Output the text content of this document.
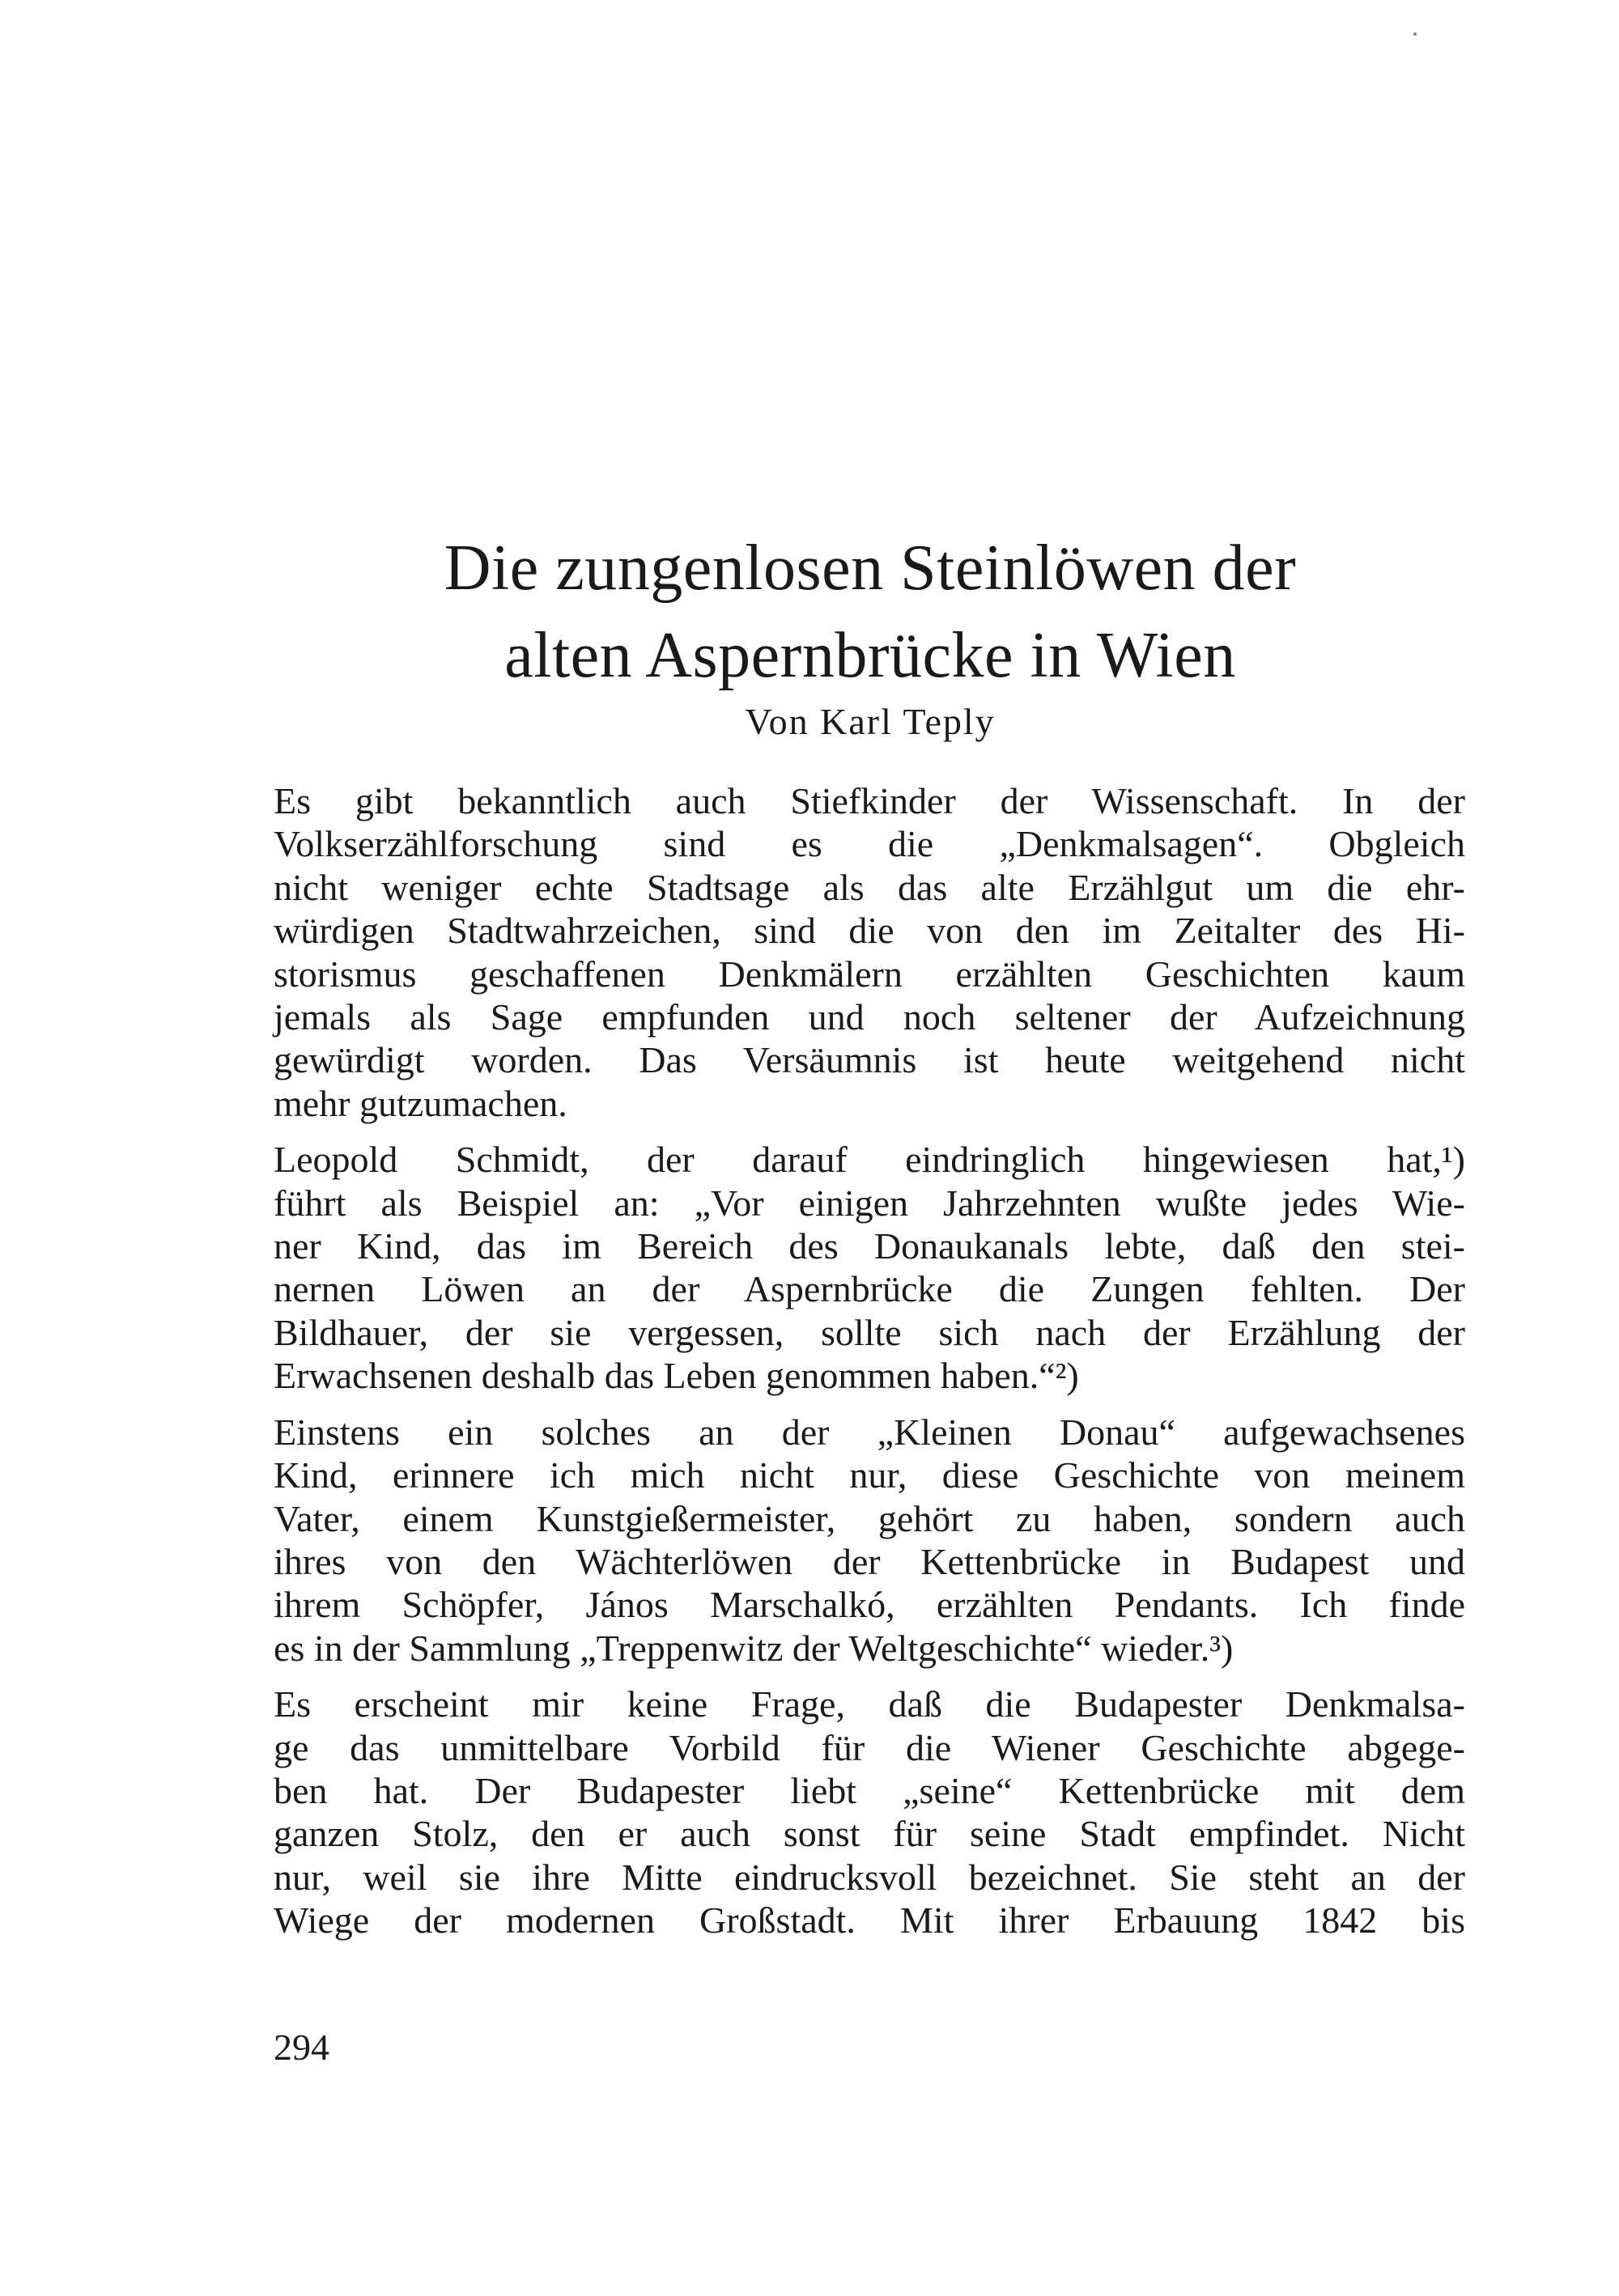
Die zungenlosen Steinlöwen der
alten Aspernbrücke in Wien
Von Karl Teply

Es gibt bekanntlich auch Stiefkinder der Wissenschaft. In der
Volkserzählforschung sind es die „Denkmalsagen“. Obgleich
nicht weniger echte Stadtsage als das alte Erzählgut um die ehr-
würdigen Stadtwahrzeichen, sind die von den im Zeitalter des Hi-
storismus geschaffenen Denkmälern erzählten Geschichten kaum
jemals als Sage empfunden und noch seltener der Aufzeichnung
gewürdigt worden. Das Versäumnis ist heute weitgehend nicht
mehr gutzumachen.

Leopold Schmidt, der darauf eindringlich hingewiesen hat,¹)
führt als Beispiel an: „Vor einigen Jahrzehnten wußte jedes Wie-
ner Kind, das im Bereich des Donaukanals lebte, daß den stei-
nernen Löwen an der Aspernbrücke die Zungen fehlten. Der
Bildhauer, der sie vergessen, sollte sich nach der Erzählung der
Erwachsenen deshalb das Leben genommen haben.“²)

Einstens ein solches an der „Kleinen Donau“ aufgewachsenes
Kind, erinnere ich mich nicht nur, diese Geschichte von meinem
Vater, einem Kunstgießermeister, gehört zu haben, sondern auch
ihres von den Wächterlöwen der Kettenbrücke in Budapest und
ihrem Schöpfer, János Marschalkó, erzählten Pendants. Ich finde
es in der Sammlung „Treppenwitz der Weltgeschichte“ wieder.³)

Es erscheint mir keine Frage, daß die Budapester Denkmalsa-
ge das unmittelbare Vorbild für die Wiener Geschichte abgege-
ben hat. Der Budapester liebt „seine“ Kettenbrücke mit dem
ganzen Stolz, den er auch sonst für seine Stadt empfindet. Nicht
nur, weil sie ihre Mitte eindrucksvoll bezeichnet. Sie steht an der
Wiege der modernen Großstadt. Mit ihrer Erbauung 1842 bis

294
